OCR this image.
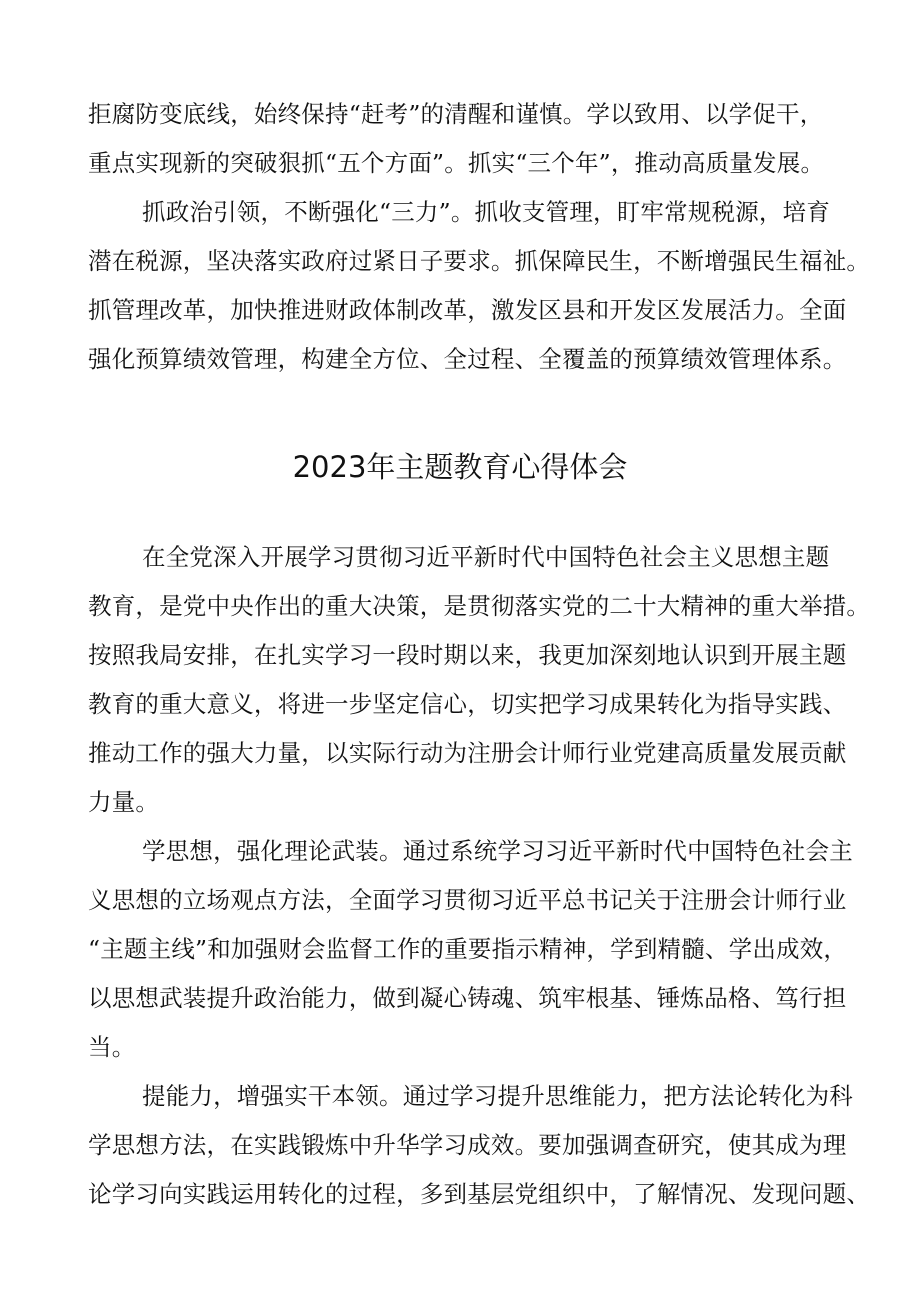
拒腐防变底线，始终保持“赶考”的清醒和谨慎。学以致用、以学促干，
重点实现新的突破狠抓“五个方面”。抓实“三个年”，推动高质量发展。
抓政治引领，不断强化“三力”。抓收支管理，盯牢常规税源，培育
潜在税源，坚决落实政府过紧日子要求。抓保障民生，不断增强民生福祉。
抓管理改革，加快推进财政体制改革，激发区县和开发区发展活力。全面
强化预算绩效管理，构建全方位、全过程、全覆盖的预算绩效管理体系。
2023年主题教育心得体会
在全党深入开展学习贯彻习近平新时代中国特色社会主义思想主题
教育，是党中央作出的重大决策，是贯彻落实党的二十大精神的重大举措。
按照我局安排，在扎实学习一段时期以来，我更加深刻地认识到开展主题
教育的重大意义，将进一步坚定信心，切实把学习成果转化为指导实践、
推动工作的强大力量，以实际行动为注册会计师行业党建高质量发展贡献
力量。
学思想，强化理论武装。通过系统学习习近平新时代中国特色社会主
义思想的立场观点方法，全面学习贯彻习近平总书记关于注册会计师行业
“主题主线”和加强财会监督工作的重要指示精神，学到精髓、学出成效，
以思想武装提升政治能力，做到凝心铸魂、筑牢根基、锤炼品格、笃行担
当。
提能力，增强实干本领。通过学习提升思维能力，把方法论转化为科
学思想方法，在实践锻炼中升华学习成效。要加强调查研究，使其成为理
论学习向实践运用转化的过程，多到基层党组织中，了解情况、发现问题、
